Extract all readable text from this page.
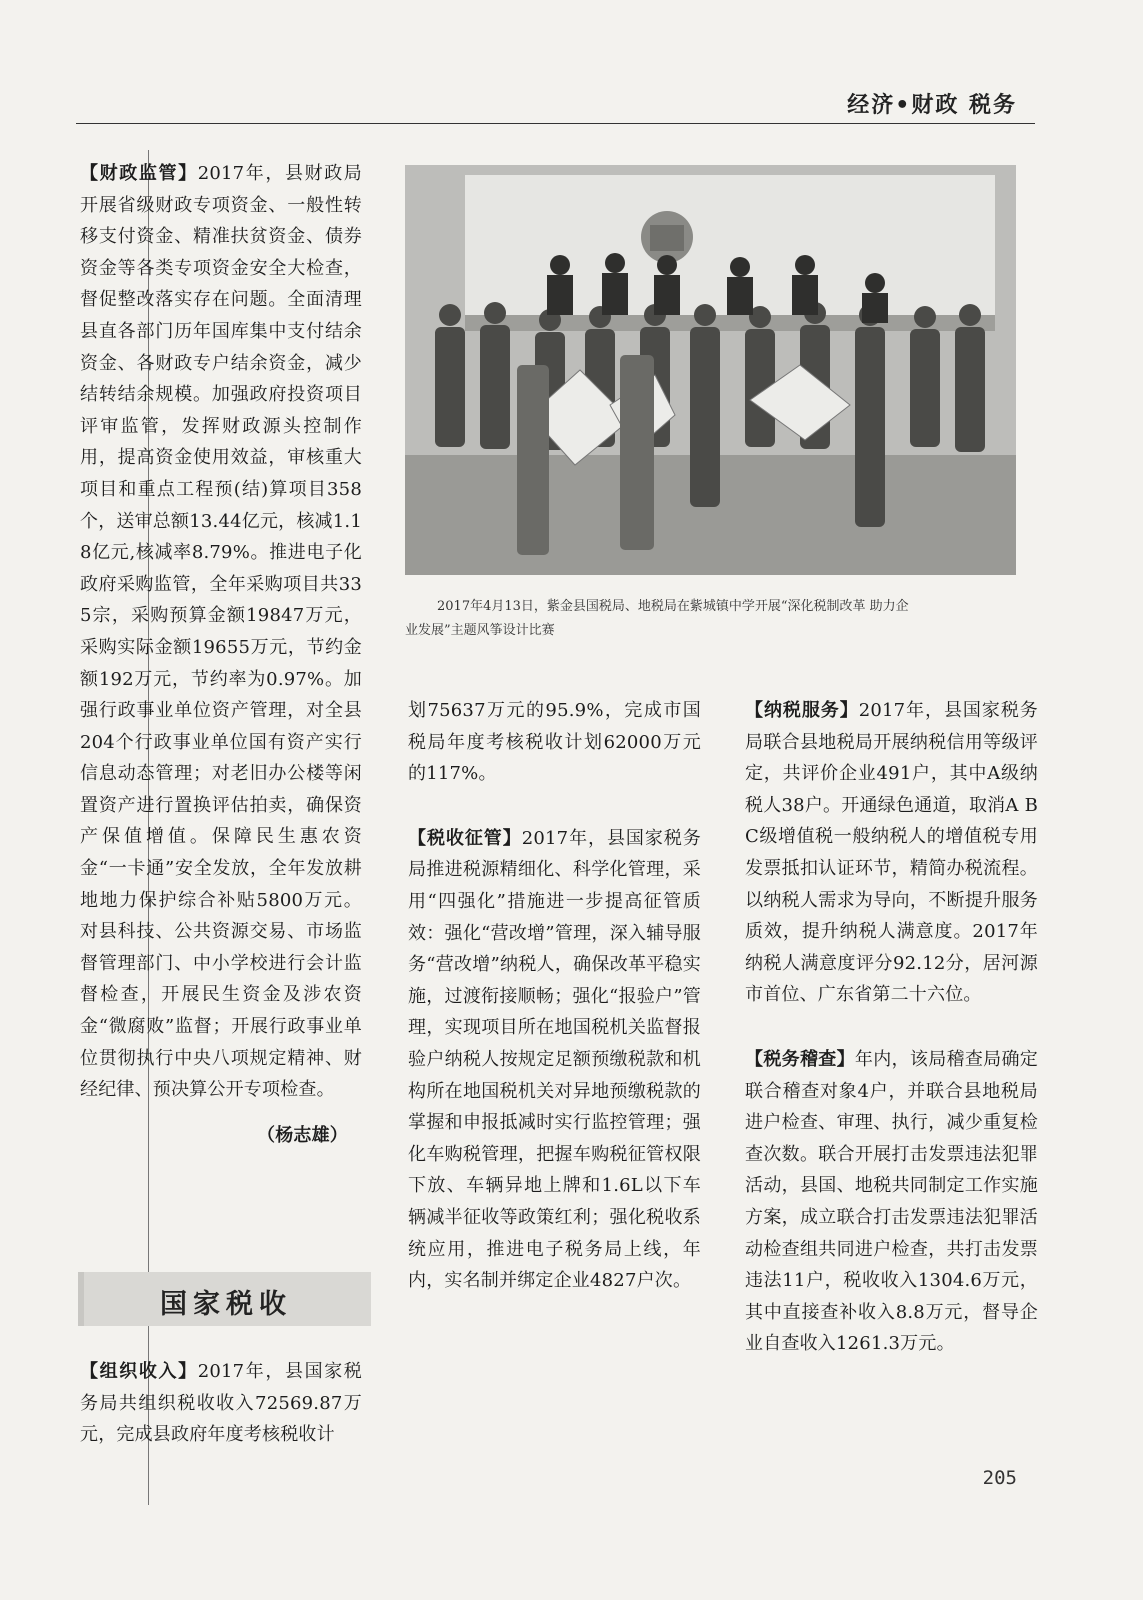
经济•财政 税务

【财政监管】2017年，县财政局开展省级财政专项资金、一般性转移支付资金、精准扶贫资金、债券资金等各类专项资金安全大检查，督促整改落实存在问题。全面清理县直各部门历年国库集中支付结余资金、各财政专户结余资金，减少结转结余规模。加强政府投资项目评审监管，发挥财政源头控制作用，提高资金使用效益，审核重大项目和重点工程预(结)算项目358个，送审总额13.44亿元，核减1.18亿元,核减率8.79%。推进电子化政府采购监管，全年采购项目共335宗，采购预算金额19847万元，采购实际金额19655万元，节约金额192万元，节约率为0.97%。加强行政事业单位资产管理，对全县204个行政事业单位国有资产实行信息动态管理；对老旧办公楼等闲置资产进行置换评估拍卖，确保资产保值增值。保障民生惠农资金“一卡通”安全发放，全年发放耕地地力保护综合补贴5800万元。对县科技、公共资源交易、市场监督管理部门、中小学校进行会计监督检查，开展民生资金及涉农资金“微腐败”监督；开展行政事业单位贯彻执行中央八项规定精神、财经纪律、预决算公开专项检查。

（杨志雄）

国家税收

【组织收入】2017年，县国家税务局共组织税收收入72569.87万元，完成县政府年度考核税收计

2017年4月13日，紫金县国税局、地税局在紫城镇中学开展“深化税制改革 助力企
业发展”主题风筝设计比赛

划75637万元的95.9%，完成市国税局年度考核税收计划62000万元的117%。

【税收征管】2017年，县国家税务局推进税源精细化、科学化管理，采用“四强化”措施进一步提高征管质效：强化“营改增”管理，深入辅导服务“营改增”纳税人，确保改革平稳实施，过渡衔接顺畅；强化“报验户”管理，实现项目所在地国税机关监督报验户纳税人按规定足额预缴税款和机构所在地国税机关对异地预缴税款的掌握和申报抵减时实行监控管理；强化车购税管理，把握车购税征管权限下放、车辆异地上牌和1.6L以下车辆减半征收等政策红利；强化税收系统应用，推进电子税务局上线，年内，实名制并绑定企业4827户次。

【纳税服务】2017年，县国家税务局联合县地税局开展纳税信用等级评定，共评价企业491户，其中A级纳税人38户。开通绿色通道，取消A B C级增值税一般纳税人的增值税专用发票抵扣认证环节，精简办税流程。以纳税人需求为导向，不断提升服务质效，提升纳税人满意度。2017年纳税人满意度评分92.12分，居河源市首位、广东省第二十六位。

【税务稽查】年内，该局稽查局确定联合稽查对象4户，并联合县地税局进户检查、审理、执行，减少重复检查次数。联合开展打击发票违法犯罪活动，县国、地税共同制定工作实施方案，成立联合打击发票违法犯罪活动检查组共同进户检查，共打击发票违法11户，税收收入1304.6万元，其中直接查补收入8.8万元，督导企业自查收入1261.3万元。

205
